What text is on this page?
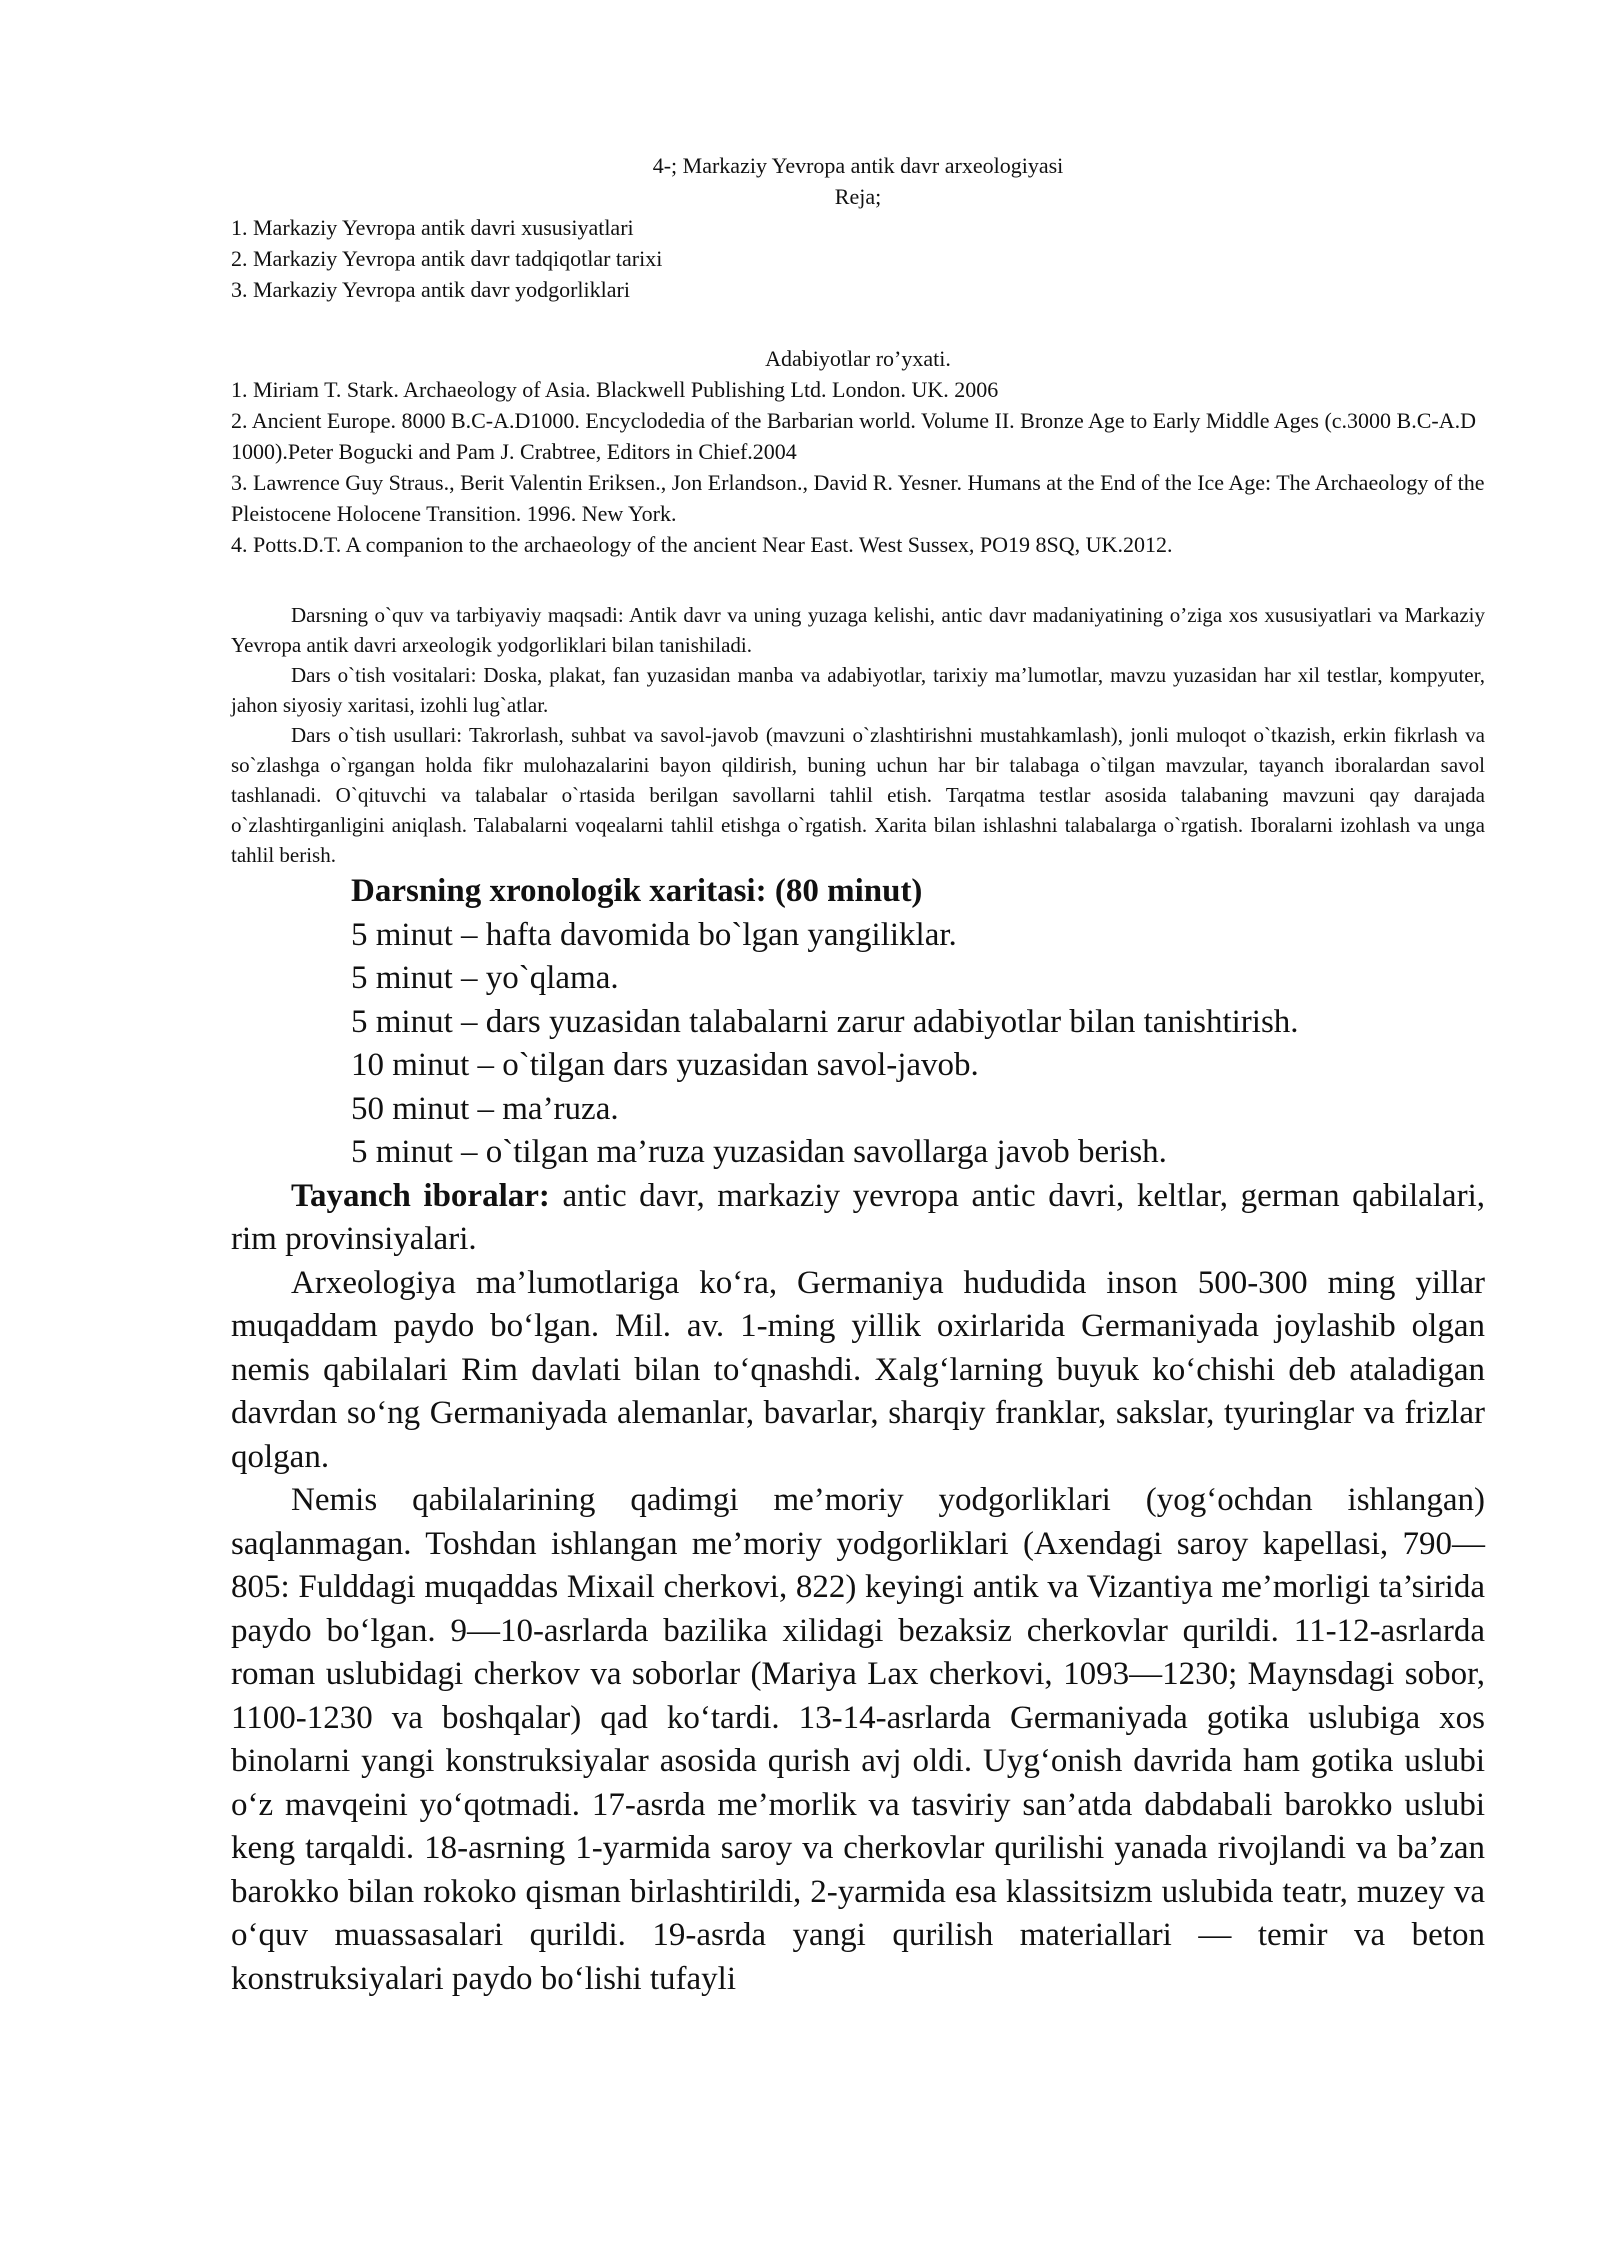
4-; Markaziy Yevropa antik davr arxeologiyasi

Reja;

1. Markaziy Yevropa antik davri xususiyatlari
2. Markaziy Yevropa antik davr tadqiqotlar tarixi
3. Markaziy Yevropa antik davr yodgorliklari

Adabiyotlar ro’yxati.

1. Miriam T. Stark. Archaeology of Asia. Blackwell Publishing Ltd. London. UK. 2006
2. Ancient Europe. 8000 B.C-A.D1000. Encyclodedia of the Barbarian world. Volume II. Bronze Age to Early Middle Ages (c.3000 B.C-A.D 1000).Peter Bogucki and Pam J. Crabtree, Editors in Chief.2004
3. Lawrence Guy Straus., Berit Valentin Eriksen., Jon Erlandson., David R. Yesner. Humans at the End of the Ice Age: The Archaeology of the Pleistocene Holocene Transition. 1996. New York.
4. Potts.D.T. A companion to the archaeology of the ancient Near East. West Sussex, PO19 8SQ, UK.2012.

Darsning o`quv va tarbiyaviy maqsadi: Antik davr va uning yuzaga kelishi, antic davr madaniyatining o’ziga xos xususiyatlari va Markaziy Yevropa antik davri arxeologik yodgorliklari bilan tanishiladi.

Dars o`tish vositalari: Doska, plakat, fan yuzasidan manba va adabiyotlar, tarixiy ma’lumotlar, mavzu yuzasidan har xil testlar, kompyuter, jahon siyosiy xaritasi, izohli lug`atlar.

Dars o`tish usullari: Takrorlash, suhbat va savol-javob (mavzuni o`zlashtirishni mustahkamlash), jonli muloqot o`tkazish, erkin fikrlash va so`zlashga o`rgangan holda fikr mulohazalarini bayon qildirish, buning uchun har bir talabaga o`tilgan mavzular, tayanch iboralardan savol tashlanadi. O`qituvchi va talabalar o`rtasida berilgan savollarni tahlil etish. Tarqatma testlar asosida talabaning mavzuni qay darajada o`zlashtirganligini aniqlash. Talabalarni voqealarni tahlil etishga o`rgatish. Xarita bilan ishlashni talabalarga o`rgatish. Iboralarni izohlash va unga tahlil berish.

Darsning xronologik xaritasi: (80 minut)

5 minut – hafta davomida bo`lgan yangiliklar.

5 minut – yo`qlama.

5 minut – dars yuzasidan talabalarni zarur adabiyotlar bilan tanishtirish.

10 minut – o`tilgan dars yuzasidan savol-javob.

50 minut – ma’ruza.

5 minut – o`tilgan ma’ruza yuzasidan savollarga javob berish.

Tayanch iboralar: antic davr, markaziy yevropa antic davri, keltlar, german qabilalari, rim provinsiyalari.

Arxeologiya ma’lumotlariga ko‘ra, Germaniya hududida inson 500-300 ming yillar muqaddam paydo bo‘lgan. Mil. av. 1-ming yillik oxirlarida Germaniyada joylashib olgan nemis qabilalari Rim davlati bilan to‘qnashdi. Xalg‘larning buyuk ko‘chishi deb ataladigan davrdan so‘ng Germaniyada alemanlar, bavarlar, sharqiy franklar, sakslar, tyuringlar va frizlar qolgan.

Nemis qabilalarining qadimgi me’moriy yodgorliklari (yog‘ochdan ishlangan) saqlanmagan. Toshdan ishlangan me’moriy yodgorliklari (Axendagi saroy kapellasi, 790—805: Fulddagi muqaddas Mixail cherkovi, 822) keyingi antik va Vizantiya me’morligi ta’sirida paydo bo‘lgan. 9—10-asrlarda bazilika xilidagi bezaksiz cherkovlar qurildi. 11-12-asrlarda roman uslubidagi cherkov va soborlar (Mariya Lax cherkovi, 1093—1230; Maynsdagi sobor, 1100-1230 va boshqalar) qad ko‘tardi. 13-14-asrlarda Germaniyada gotika uslubiga xos binolarni yangi konstruksiyalar asosida qurish avj oldi. Uyg‘onish davrida ham gotika uslubi o‘z mavqeini yo‘qotmadi. 17-asrda me’morlik va tasviriy san’atda dabdabali barokko uslubi keng tarqaldi. 18-asrning 1-yarmida saroy va cherkovlar qurilishi yanada rivojlandi va ba’zan barokko bilan rokoko qisman birlashtirildi, 2-yarmida esa klassitsizm uslubida teatr, muzey va o‘quv muassasalari qurildi. 19-asrda yangi qurilish materiallari — temir va beton konstruksiyalari paydo bo‘lishi tufayli
